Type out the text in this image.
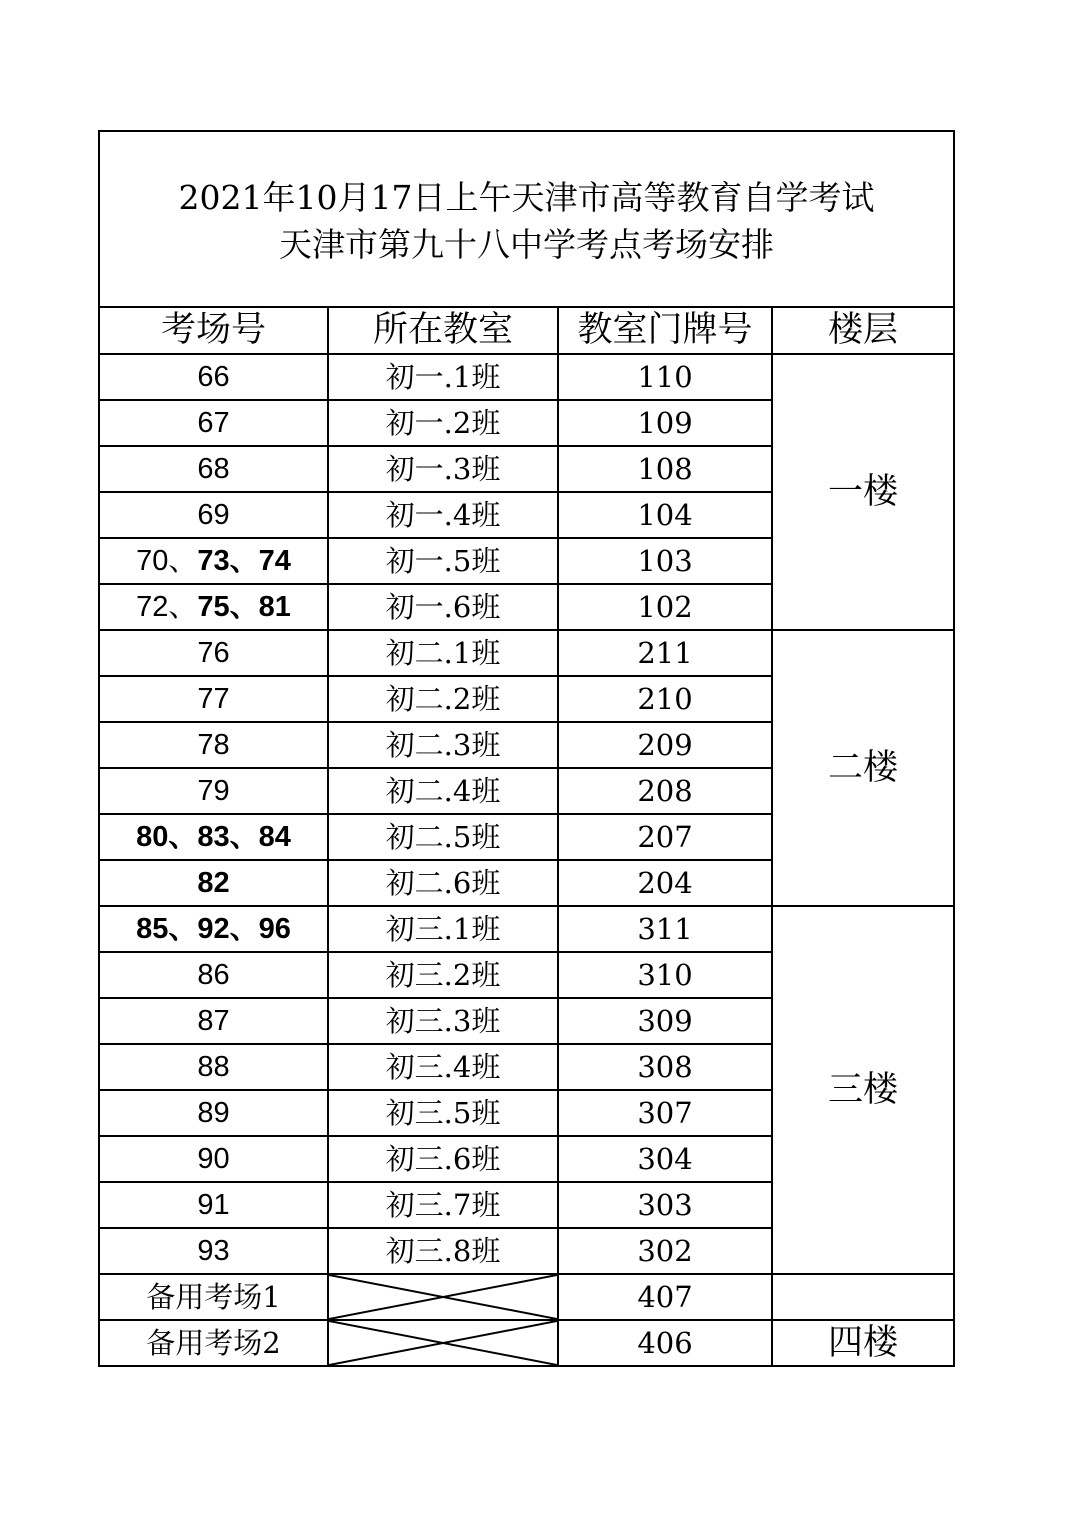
2021年10月17日上午天津市高等教育自学考试
天津市第九十八中学考点考场安排			

考场号	所在教室	教室门牌号	楼层
66	初一.1班	110	一楼
67	初一.2班	109	
68	初一.3班	108	
69	初一.4班	104	
70、73、74	初一.5班	103	
72、75、81	初一.6班	102	
76	初二.1班	211	二楼
77	初二.2班	210	
78	初二.3班	209	
79	初二.4班	208	
80、83、84	初二.5班	207	
82	初二.6班	204	
85、92、96	初三.1班	311	三楼
86	初三.2班	310	
87	初三.3班	309	
88	初三.4班	308	
89	初三.5班	307	
90	初三.6班	304	
91	初三.7班	303	
93	初三.8班	302	
备用考场1		407	
备用考场2		406	四楼
